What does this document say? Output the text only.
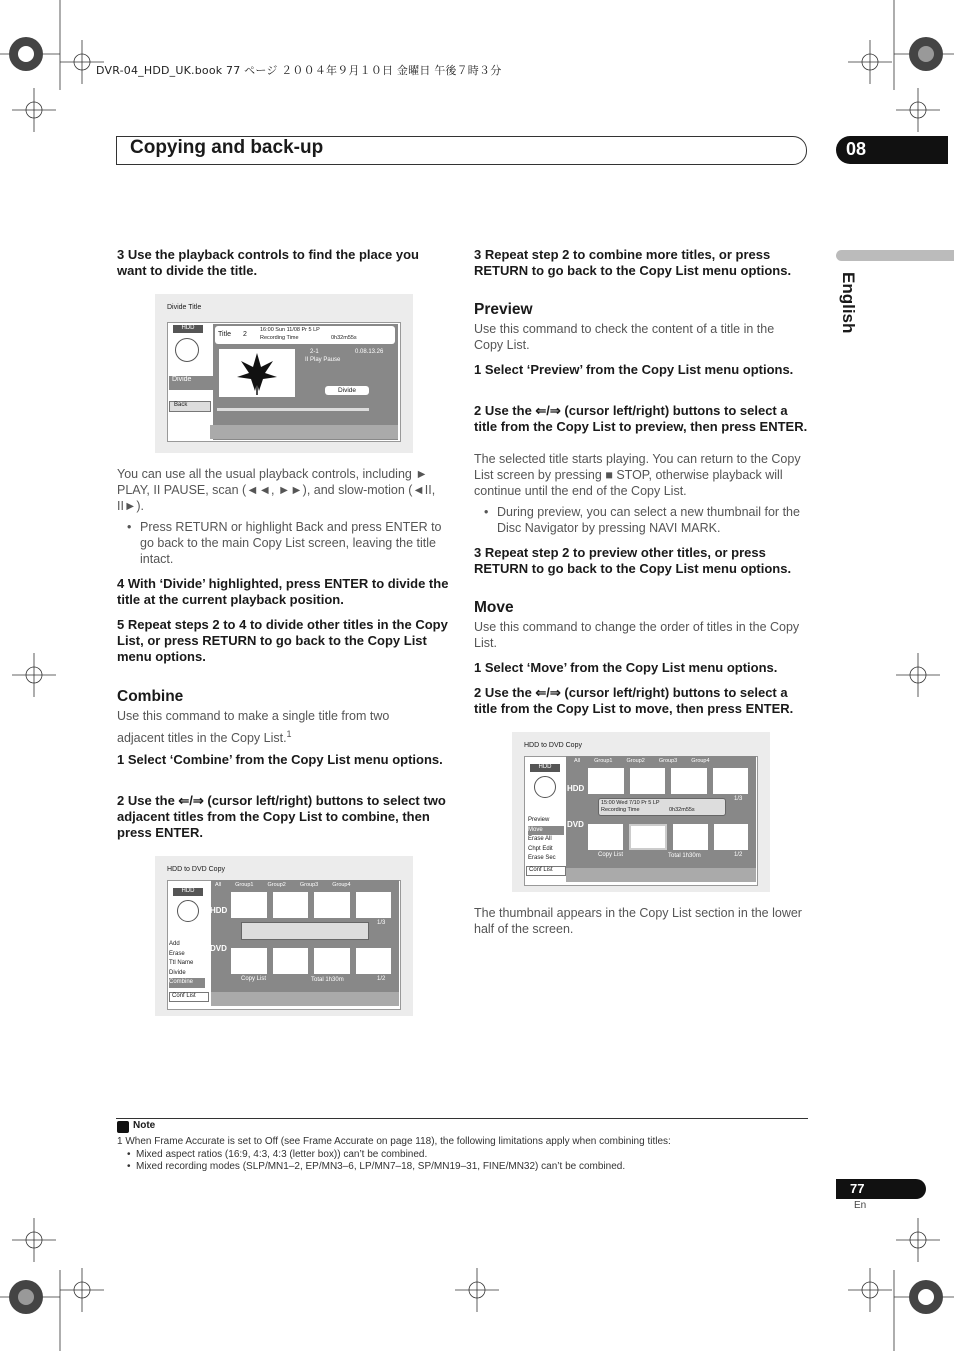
DVR-04_HDD_UK.book 77 ページ ２００４年９月１０日 金曜日 午後７時３分
Copying and back-up	08
English
3 Use the playback controls to find the place you want to divide the title.
Divide Title
HDD
Divide
Back
Title 2
16:00 Sun 11/08 Pr 5 LP
Recording Time	0h32m55s
2-1	0.08.13.26
II Play Pause
Divide
You can use all the usual playback controls, including ► PLAY, II PAUSE, scan (◄◄, ►►), and slow-motion (◄II, II►).
• Press RETURN or highlight Back and press ENTER to go back to the main Copy List screen, leaving the title intact.
4 With ‘Divide’ highlighted, press ENTER to divide the title at the current playback position.
5 Repeat steps 2 to 4 to divide other titles in the Copy List, or press RETURN to go back to the Copy List menu options.
Combine
Use this command to make a single title from two adjacent titles in the Copy List.$^1$
1 Select ‘Combine’ from the Copy List menu options.
2 Use the ⇐/⇒ (cursor left/right) buttons to select two adjacent titles from the Copy List to combine, then press ENTER.
HDD to DVD Copy
HDD
Add
Erase
Ttl Name
Divide
Combine
Conf List
All	Group1	Group2	Group3	Group4
HDD
1/3
DVD
Copy List	Total 1h30m	1/2
3 Repeat step 2 to combine more titles, or press RETURN to go back to the Copy List menu options.
Preview
Use this command to check the content of a title in the Copy List.
1 Select ‘Preview’ from the Copy List menu options.
2 Use the ⇐/⇒ (cursor left/right) buttons to select a title from the Copy List to preview, then press ENTER.
The selected title starts playing. You can return to the Copy List screen by pressing ■ STOP, otherwise playback will continue until the end of the Copy List.
• During preview, you can select a new thumbnail for the Disc Navigator by pressing NAVI MARK.
3 Repeat step 2 to preview other titles, or press RETURN to go back to the Copy List menu options.
Move
Use this command to change the order of titles in the Copy List.
1 Select ‘Move’ from the Copy List menu options.
2 Use the ⇐/⇒ (cursor left/right) buttons to select a title from the Copy List to move, then press ENTER.
HDD to DVD Copy
HDD
Preview
Move
Erase All
Chpt Edit
Erase Sec
Conf List
All	Group1	Group2	Group3	Group4
HDD
1/3
15:00 Wed 7/10 Pr 5 LP
Recording Time	0h32m55s
DVD
Copy List	Total 1h30m	1/2
The thumbnail appears in the Copy List section in the lower half of the screen.
Note
1 When Frame Accurate is set to Off (see Frame Accurate on page 118), the following limitations apply when combining titles:
• Mixed aspect ratios (16:9, 4:3, 4:3 (letter box)) can’t be combined.
• Mixed recording modes (SLP/MN1–2, EP/MN3–6, LP/MN7–18, SP/MN19–31, FINE/MN32) can’t be combined.
77
En
